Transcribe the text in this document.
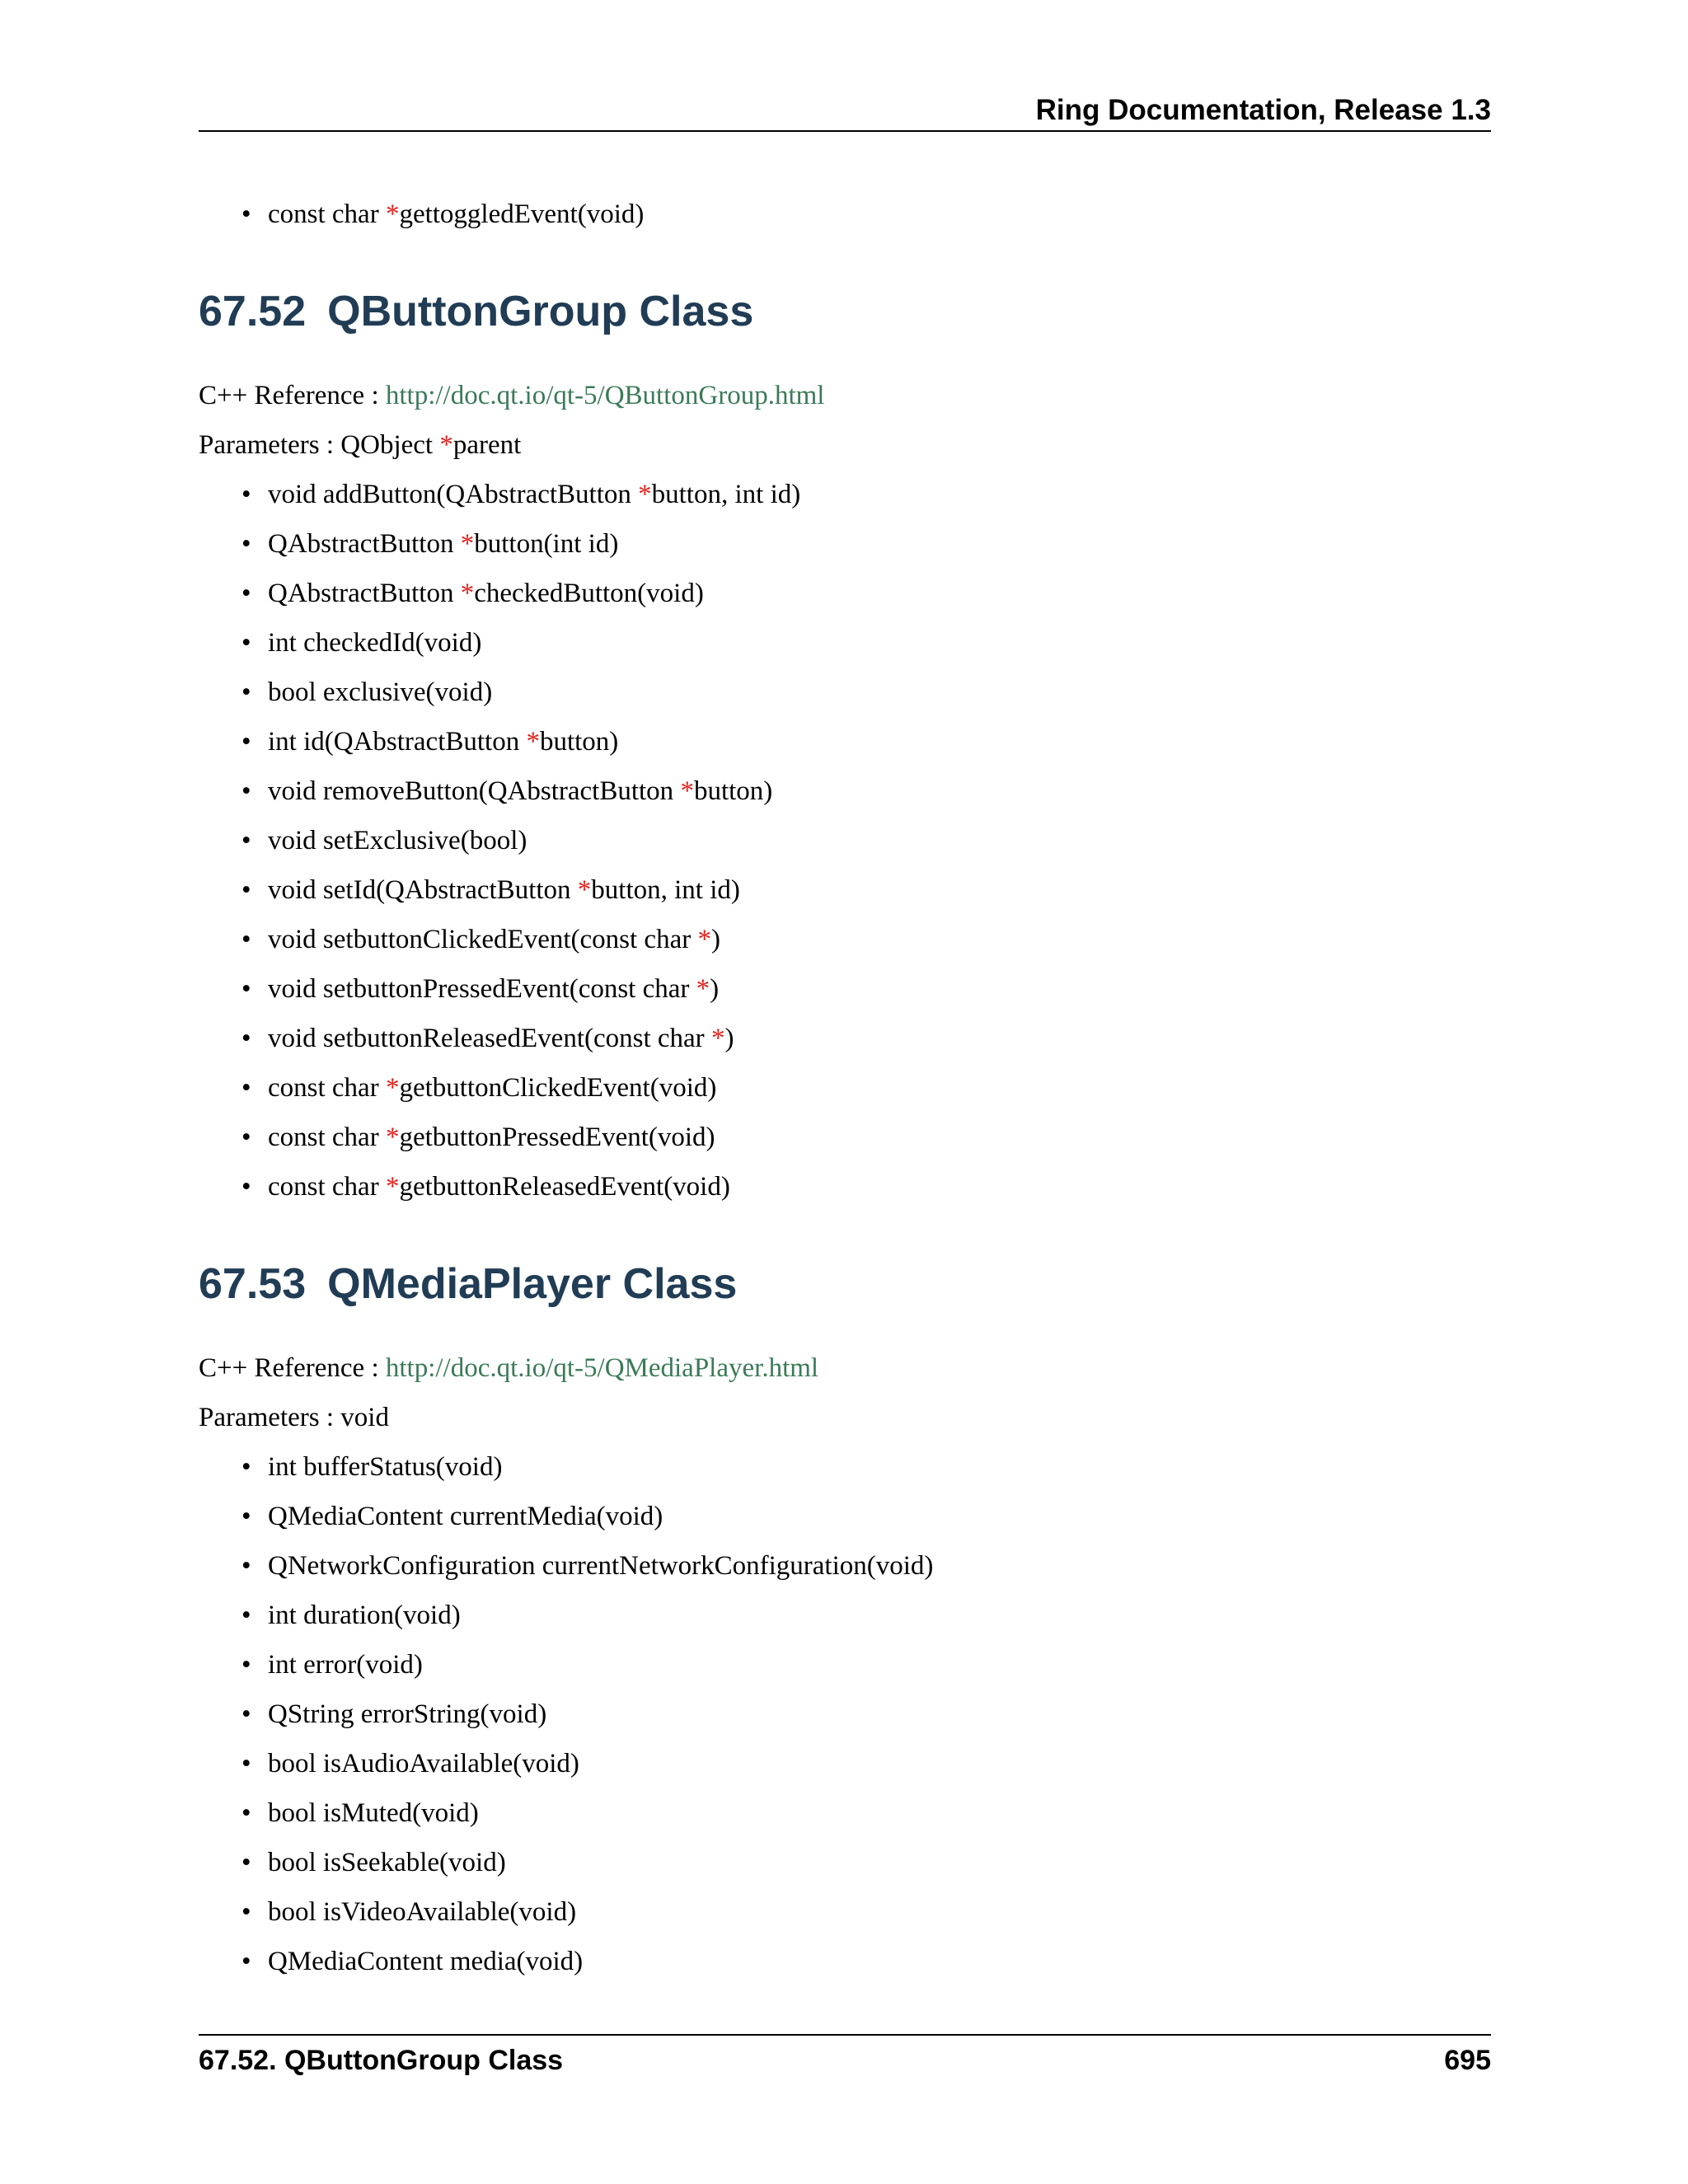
Ring Documentation, Release 1.3
• const char *gettoggledEvent(void)
67.52 QButtonGroup Class

C++ Reference : http://doc.qt.io/qt-5/QButtonGroup.html

Parameters : QObject *parent

• void addButton(QAbstractButton *button, int id)
• QAbstractButton *button(int id)
• QAbstractButton *checkedButton(void)
• int checkedId(void)
• bool exclusive(void)
• int id(QAbstractButton *button)
• void removeButton(QAbstractButton *button)
• void setExclusive(bool)
• void setId(QAbstractButton *button, int id)
• void setbuttonClickedEvent(const char *)
• void setbuttonPressedEvent(const char *)
• void setbuttonReleasedEvent(const char *)
• const char *getbuttonClickedEvent(void)
• const char *getbuttonPressedEvent(void)
• const char *getbuttonReleasedEvent(void)
67.53 QMediaPlayer Class

C++ Reference : http://doc.qt.io/qt-5/QMediaPlayer.html

Parameters : void

• int bufferStatus(void)
• QMediaContent currentMedia(void)
• QNetworkConfiguration currentNetworkConfiguration(void)
• int duration(void)
• int error(void)
• QString errorString(void)
• bool isAudioAvailable(void)
• bool isMuted(void)
• bool isSeekable(void)
• bool isVideoAvailable(void)
• QMediaContent media(void)
67.52. QButtonGroup Class	695
